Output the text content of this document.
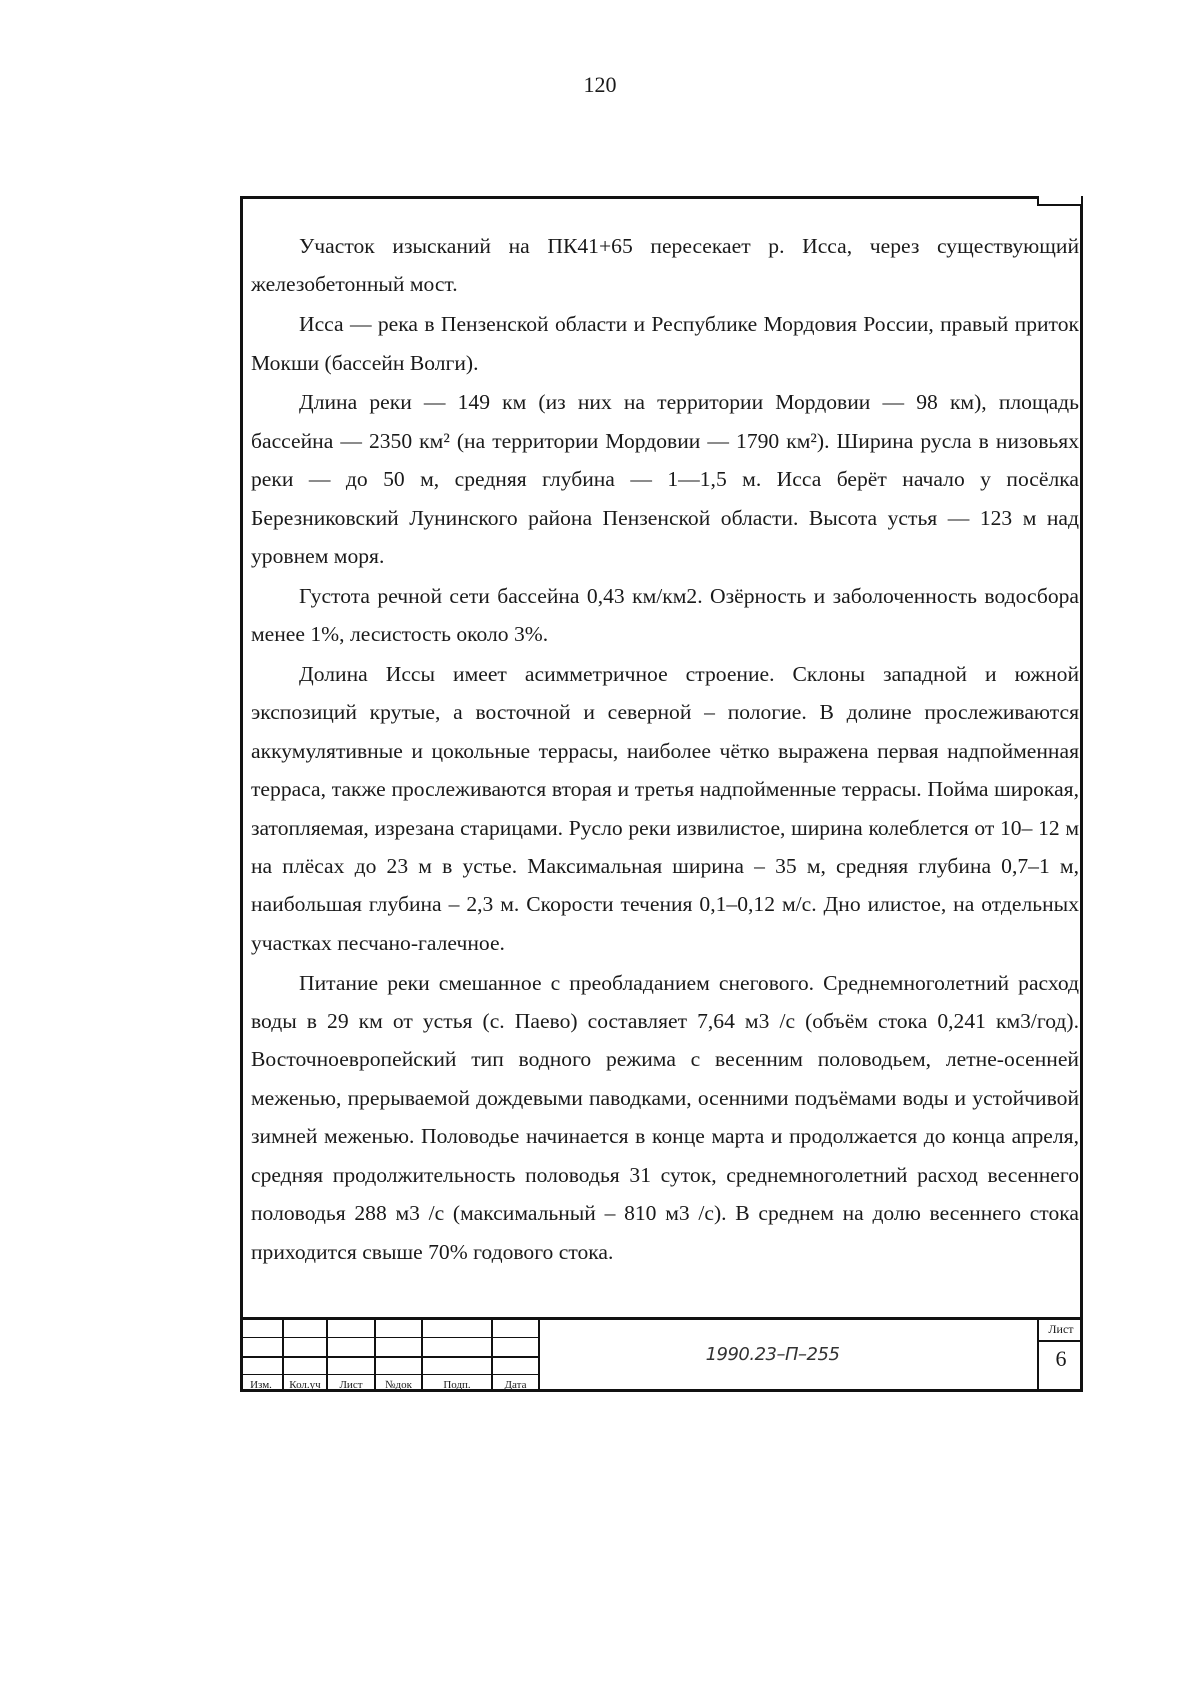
120

Участок изысканий на ПК41+65 пересекает р. Исса, через существующий железобетонный мост.

Исса — река в Пензенской области и Республике Мордовия России, правый приток Мокши (бассейн Волги).

Длина реки — 149 км (из них на территории Мордовии — 98 км), площадь бассейна — 2350 км² (на территории Мордовии — 1790 км²). Ширина русла в низовьях реки — до 50 м, средняя глубина — 1—1,5 м. Исса берёт начало у посёлка Березниковский Лунинского района Пензенской области. Высота устья — 123 м над уровнем моря.

Густота речной сети бассейна 0,43 км/км2. Озёрность и заболоченность водосбора менее 1%, лесистость около 3%.

Долина Иссы имеет асимметричное строение. Склоны западной и южной экспозиций крутые, а восточной и северной – пологие. В долине прослеживаются аккумулятивные и цокольные террасы, наиболее чётко выражена первая надпойменная терраса, также прослеживаются вторая и третья надпойменные террасы. Пойма широкая, затопляемая, изрезана старицами. Русло реки извилистое, ширина колеблется от 10– 12 м на плёсах до 23 м в устье. Максимальная ширина – 35 м, средняя глубина 0,7–1 м, наибольшая глубина – 2,3 м. Скорости течения 0,1–0,12 м/с. Дно илистое, на отдельных участках песчано-галечное.

Питание реки смешанное с преобладанием снегового. Среднемноголетний расход воды в 29 км от устья (с. Паево) составляет 7,64 м3 /с (объём стока 0,241 км3/год). Восточноевропейский тип водного режима с весенним половодьем, летне-осенней меженью, прерываемой дождевыми паводками, осенними подъёмами воды и устойчивой зимней меженью. Половодье начинается в конце марта и продолжается до конца апреля, средняя продолжительность половодья 31 суток, среднемноголетний расход весеннего половодья 288 м3 /с (максимальный – 810 м3 /с). В среднем на долю весеннего стока приходится свыше 70% годового стока.

Изм.	Кол.уч	Лист	№док	Подп.	Дата
1990.23–П–255
Лист
6
